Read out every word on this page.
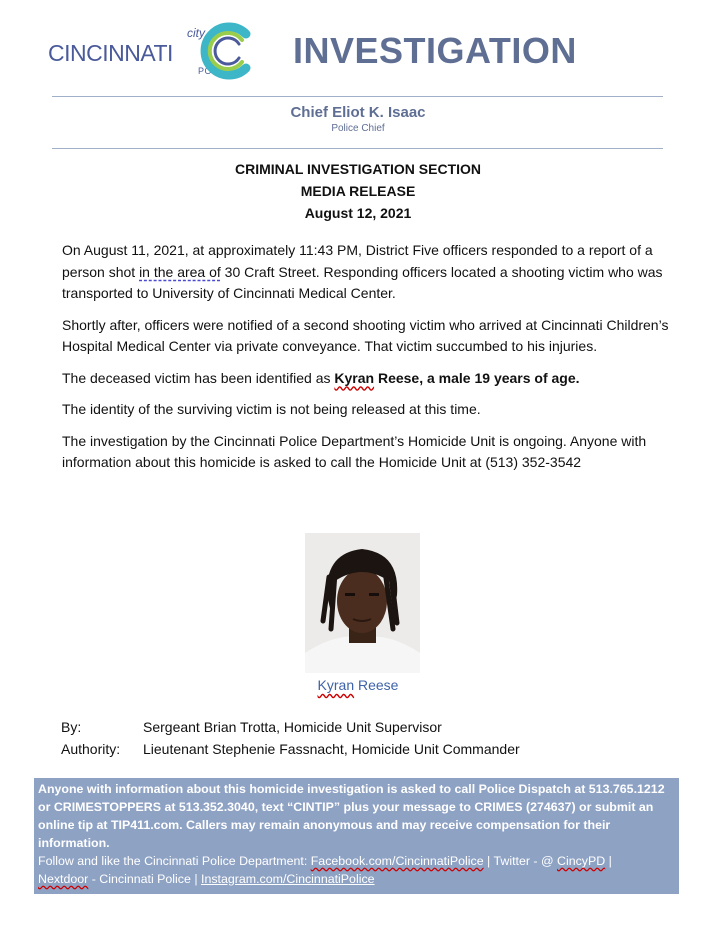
city of
CINCINNATI
POLICE INVESTIGATION
Chief Eliot K. Isaac
Police Chief
CRIMINAL INVESTIGATION SECTION
MEDIA RELEASE
August 12, 2021

On August 11, 2021, at approximately 11:43 PM, District Five officers responded to a report of a person shot in the area of 30 Craft Street. Responding officers located a shooting victim who was transported to University of Cincinnati Medical Center.

Shortly after, officers were notified of a second shooting victim who arrived at Cincinnati Children’s Hospital Medical Center via private conveyance. That victim succumbed to his injuries.

The deceased victim has been identified as Kyran Reese, a male 19 years of age.

The identity of the surviving victim is not being released at this time.

The investigation by the Cincinnati Police Department’s Homicide Unit is ongoing. Anyone with information about this homicide is asked to call the Homicide Unit at (513) 352-3542

Kyran Reese
By:	Sergeant Brian Trotta, Homicide Unit Supervisor
Authority: Lieutenant Stephenie Fassnacht, Homicide Unit Commander
Anyone with information about this homicide investigation is asked to call Police Dispatch at 513.765.1212 or CRIMESTOPPERS at 513.352.3040, text “CINTIP” plus your message to CRIMES (274637) or submit an online tip at TIP411.com. Callers may remain anonymous and may receive compensation for their information.
Follow and like the Cincinnati Police Department: Facebook.com/CincinnatiPolice | Twitter - @ CincyPD |
Nextdoor - Cincinnati Police | Instagram.com/CincinnatiPolice
